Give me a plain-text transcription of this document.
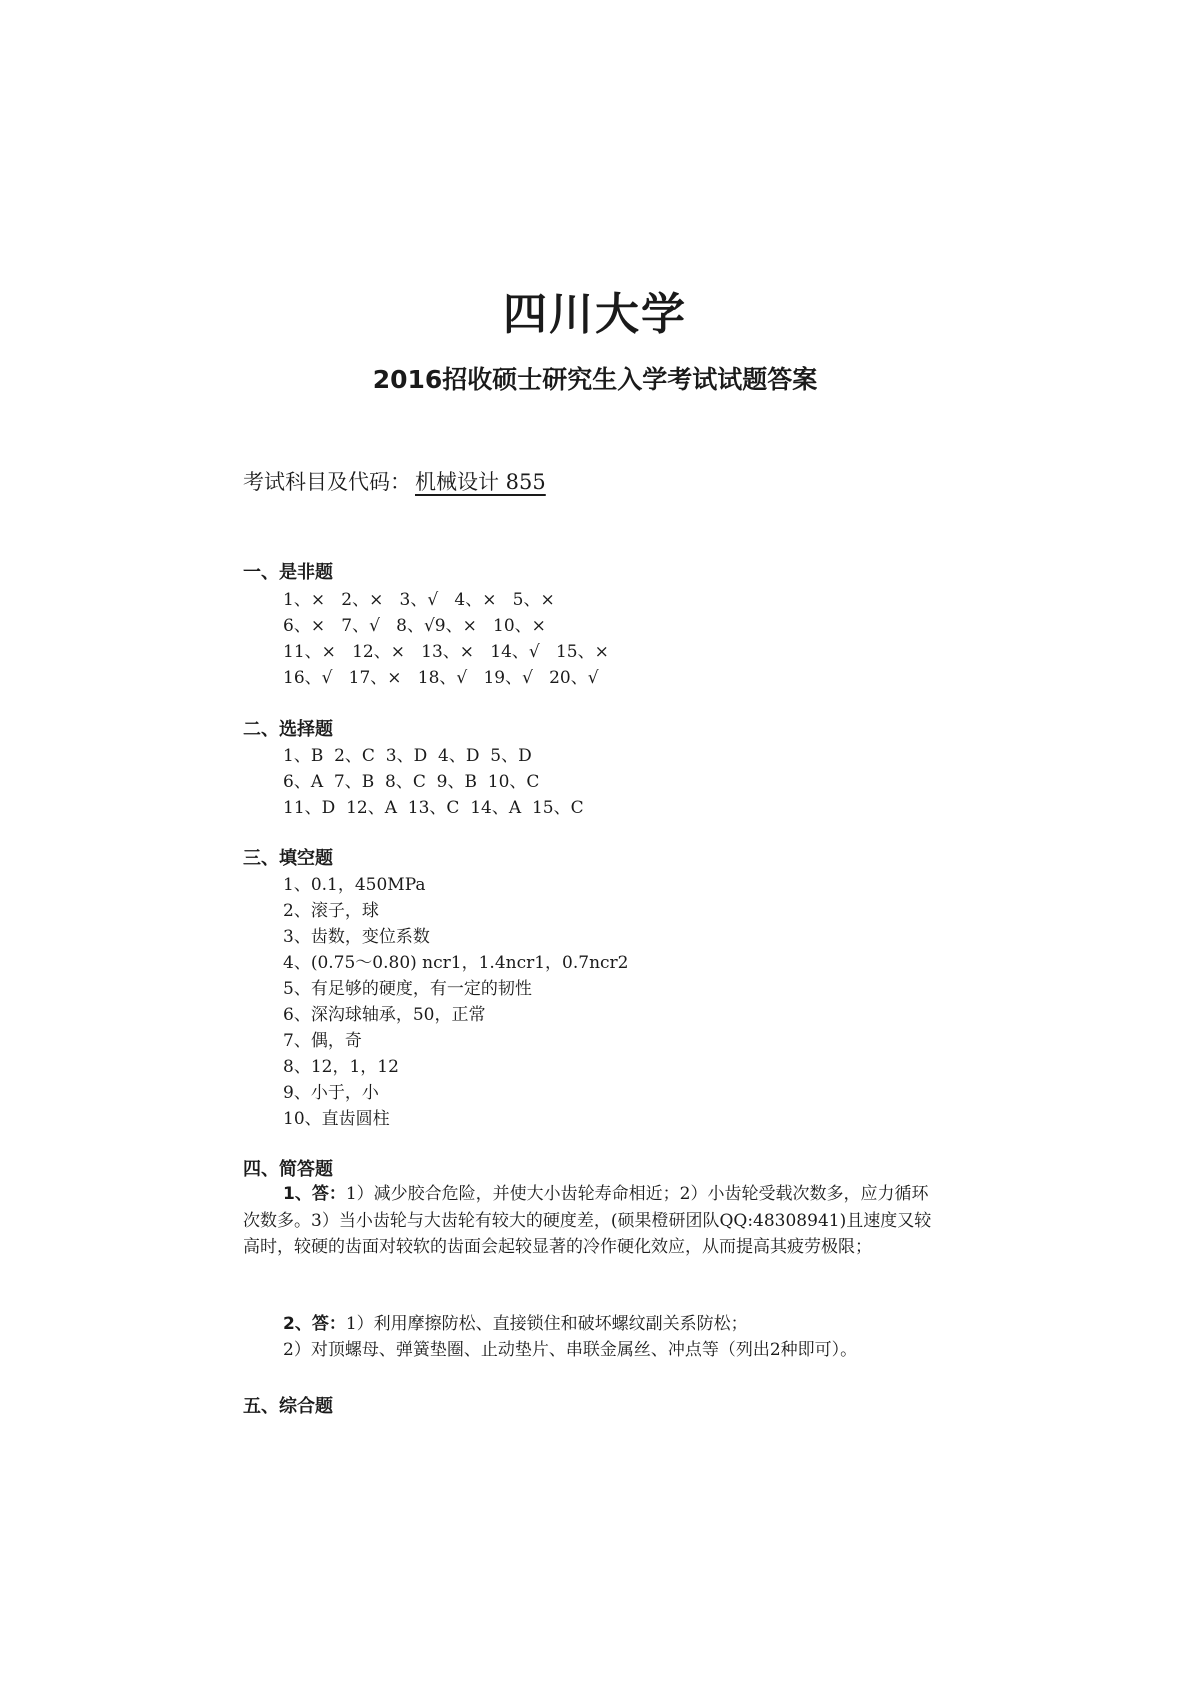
四川大学
2016招收硕士研究生入学考试试题答案
考试科目及代码： 机械设计 855
一、是非题
1、×   2、×   3、√   4、×   5、×
6、×   7、√   8、√9、×   10、×
11、×   12、×   13、×   14、√   15、×
16、√   17、×   18、√   19、√   20、√
二、选择题
1、B  2、C  3、D  4、D  5、D
6、A  7、B  8、C  9、B  10、C
11、D  12、A  13、C  14、A  15、C
三、填空题
1、0.1，450MPa
2、滚子，球
3、齿数，变位系数
4、(0.75～0.80) ncr1，1.4ncr1，0.7ncr2
5、有足够的硬度，有一定的韧性
6、深沟球轴承，50，正常
7、偶，奇
8、12，1，12
9、小于，小
10、直齿圆柱
四、简答题
1、答：1）减少胶合危险，并使大小齿轮寿命相近；2）小齿轮受载次数多，应力循环次数多。3）当小齿轮与大齿轮有较大的硬度差，(硕果橙研团队QQ:48308941)且速度又较高时，较硬的齿面对较软的齿面会起较显著的冷作硬化效应，从而提高其疲劳极限；
2、答：1）利用摩擦防松、直接锁住和破坏螺纹副关系防松；
2）对顶螺母、弹簧垫圈、止动垫片、串联金属丝、冲点等（列出2种即可）。
五、综合题
